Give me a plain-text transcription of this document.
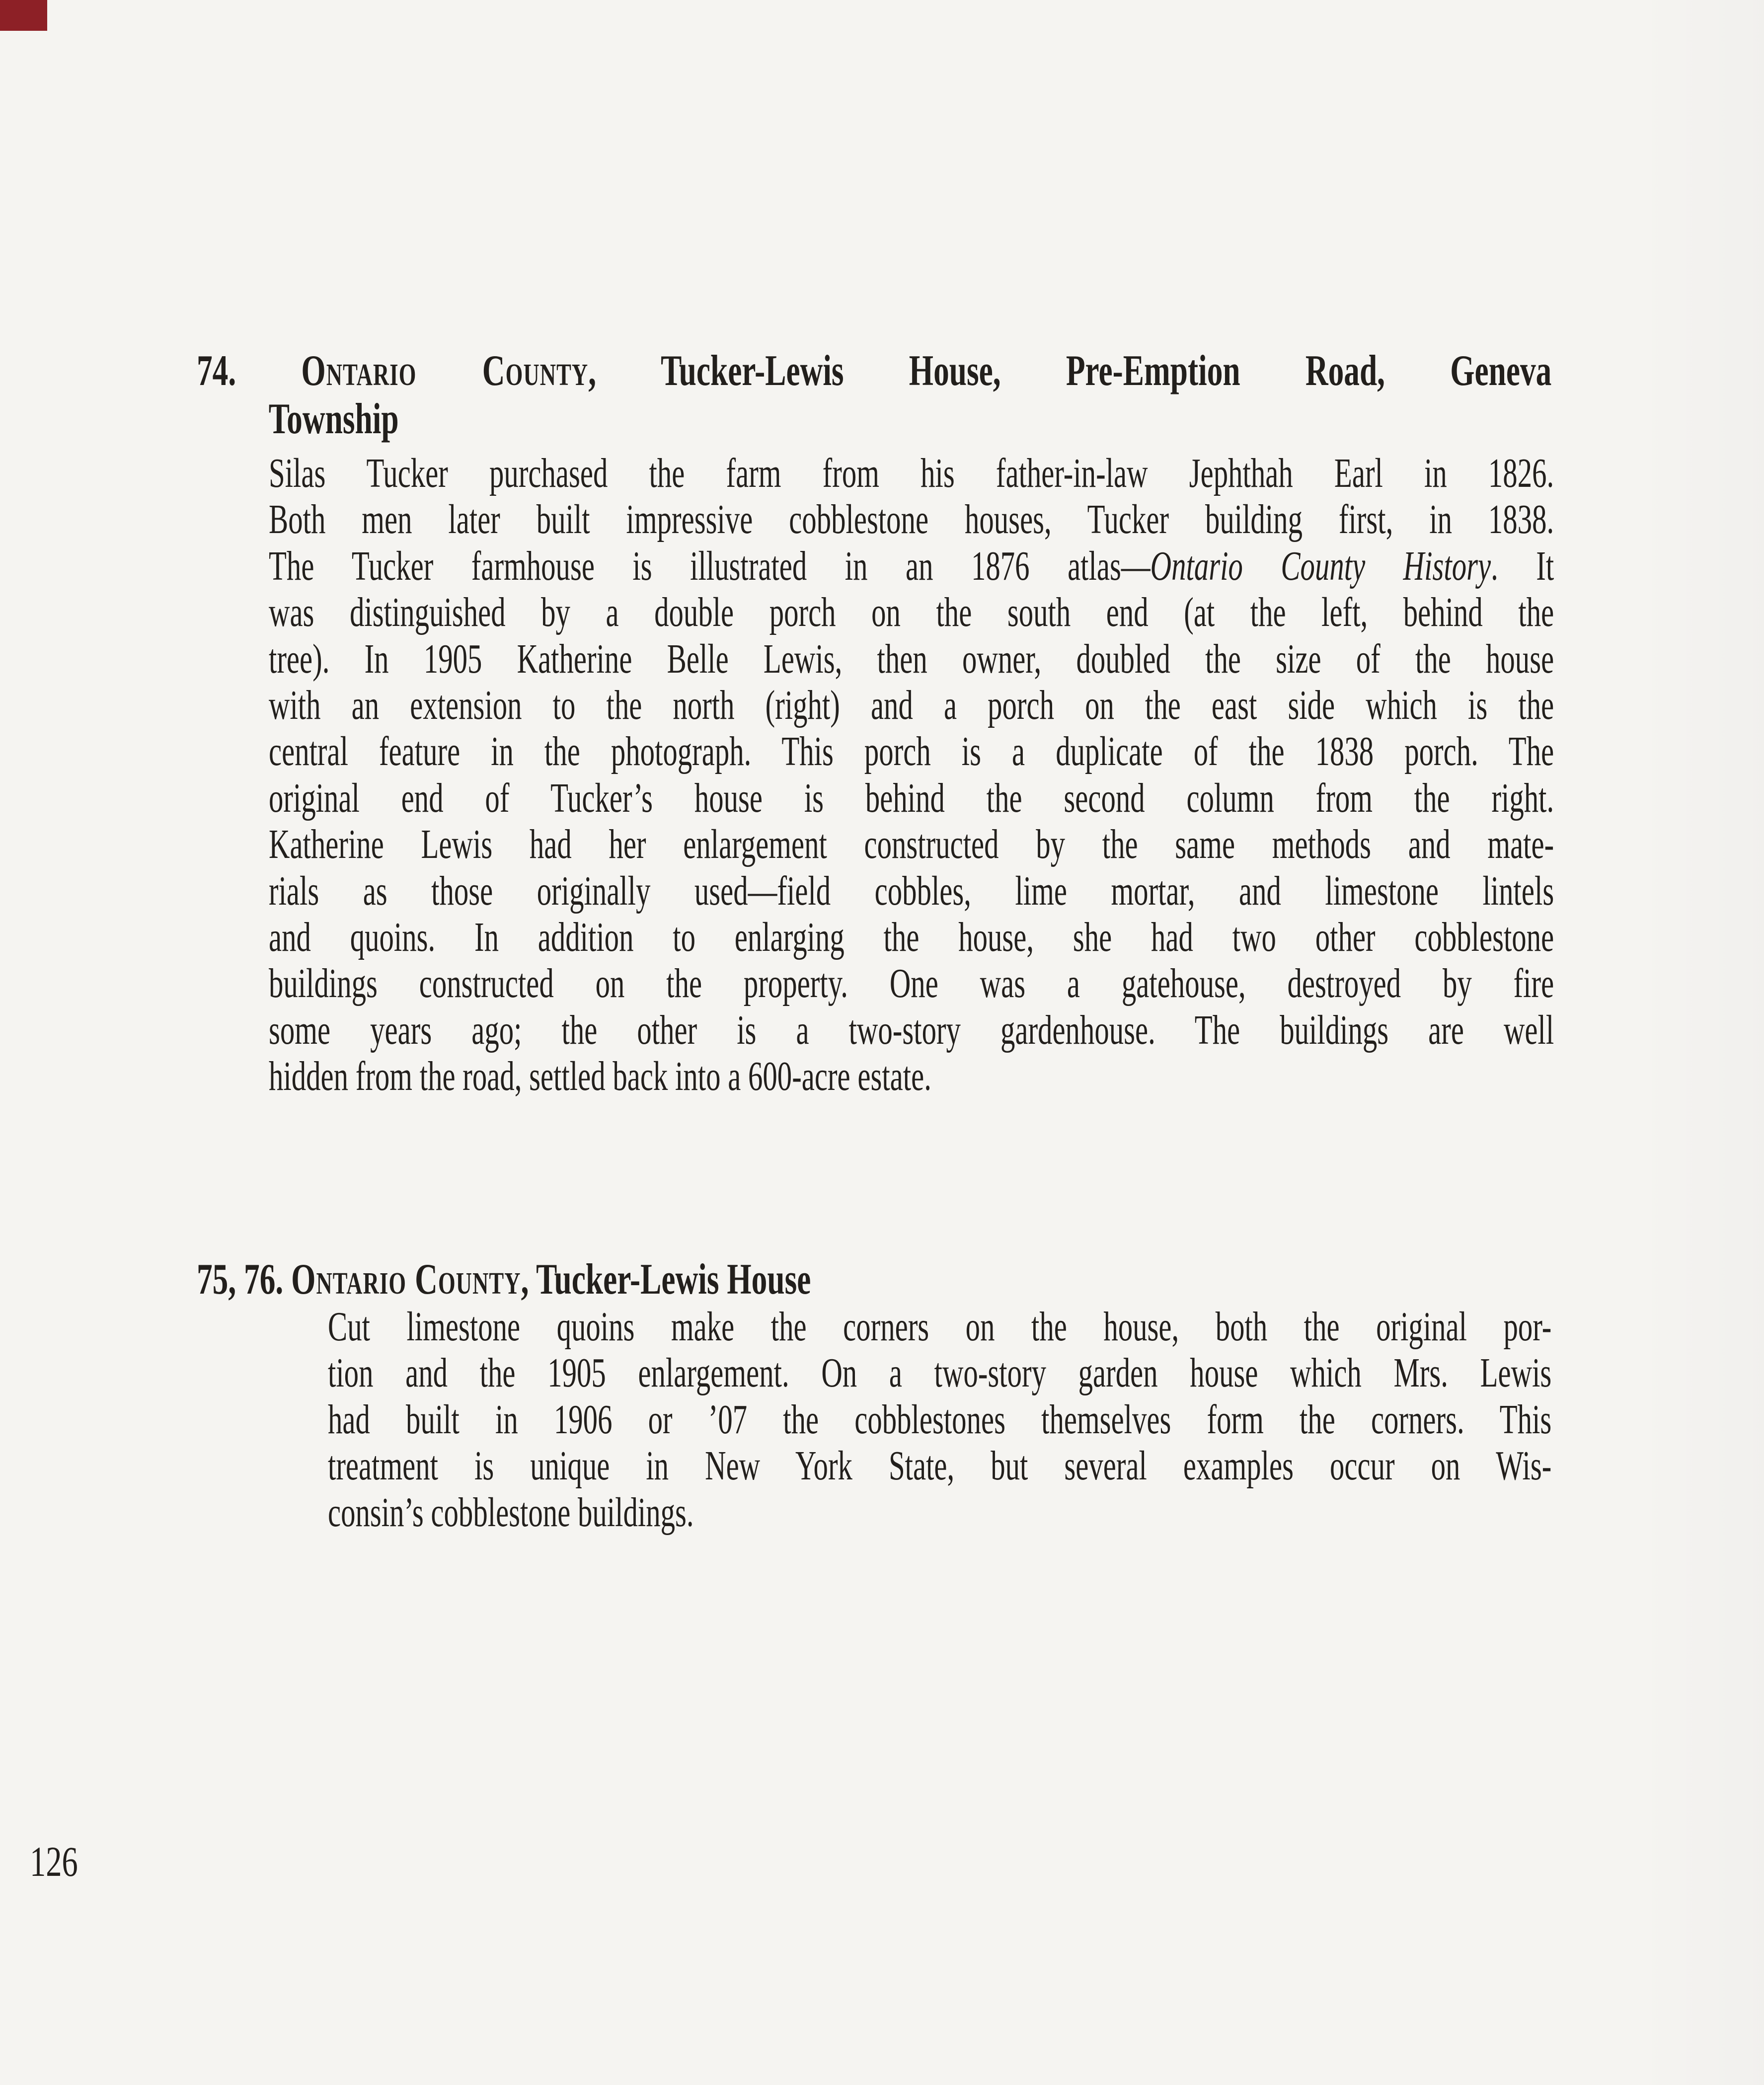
74. Ontario County, Tucker-Lewis House, Pre-Emption Road, Geneva
Township
Silas Tucker purchased the farm from his father-in-law Jephthah Earl in 1826.
Both men later built impressive cobblestone houses, Tucker building first, in 1838.
The Tucker farmhouse is illustrated in an 1876 atlas—Ontario County History. It
was distinguished by a double porch on the south end (at the left, behind the
tree). In 1905 Katherine Belle Lewis, then owner, doubled the size of the house
with an extension to the north (right) and a porch on the east side which is the
central feature in the photograph. This porch is a duplicate of the 1838 porch. The
original end of Tucker’s house is behind the second column from the right.
Katherine Lewis had her enlargement constructed by the same methods and mate-
rials as those originally used—field cobbles, lime mortar, and limestone lintels
and quoins. In addition to enlarging the house, she had two other cobblestone
buildings constructed on the property. One was a gatehouse, destroyed by fire
some years ago; the other is a two-story gardenhouse. The buildings are well
hidden from the road, settled back into a 600-acre estate.
75, 76. Ontario County, Tucker-Lewis House
Cut limestone quoins make the corners on the house, both the original por-
tion and the 1905 enlargement. On a two-story garden house which Mrs. Lewis
had built in 1906 or ’07 the cobblestones themselves form the corners. This
treatment is unique in New York State, but several examples occur on Wis-
consin’s cobblestone buildings.
126
